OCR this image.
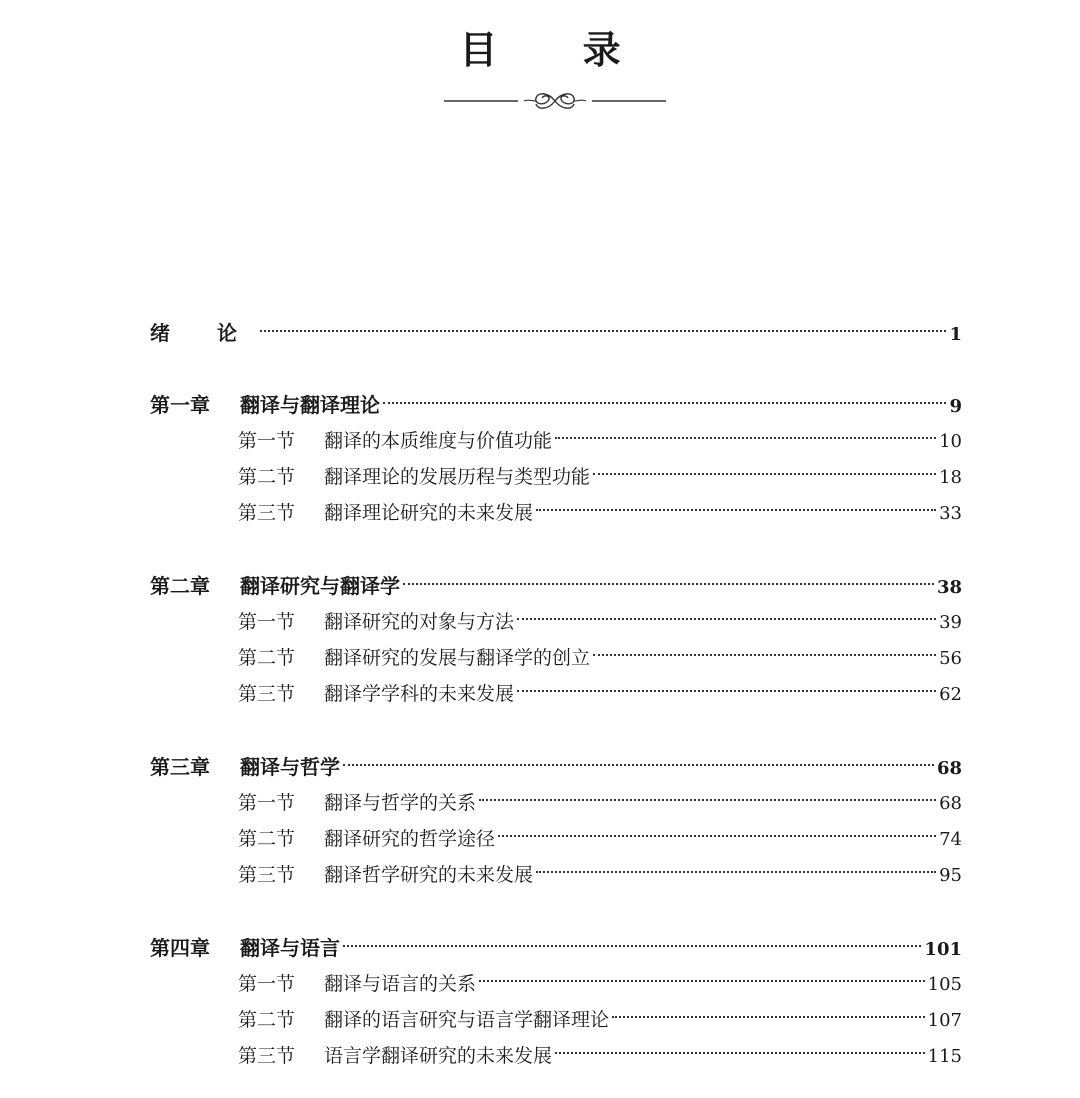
目 录
绪 论	1
第一章 翻译与翻译理论	9
第一节 翻译的本质维度与价值功能	10
第二节 翻译理论的发展历程与类型功能	18
第三节 翻译理论研究的未来发展	33
第二章 翻译研究与翻译学	38
第一节 翻译研究的对象与方法	39
第二节 翻译研究的发展与翻译学的创立	56
第三节 翻译学学科的未来发展	62
第三章 翻译与哲学	68
第一节 翻译与哲学的关系	68
第二节 翻译研究的哲学途径	74
第三节 翻译哲学研究的未来发展	95
第四章 翻译与语言	101
第一节 翻译与语言的关系	105
第二节 翻译的语言研究与语言学翻译理论	107
第三节 语言学翻译研究的未来发展	115
